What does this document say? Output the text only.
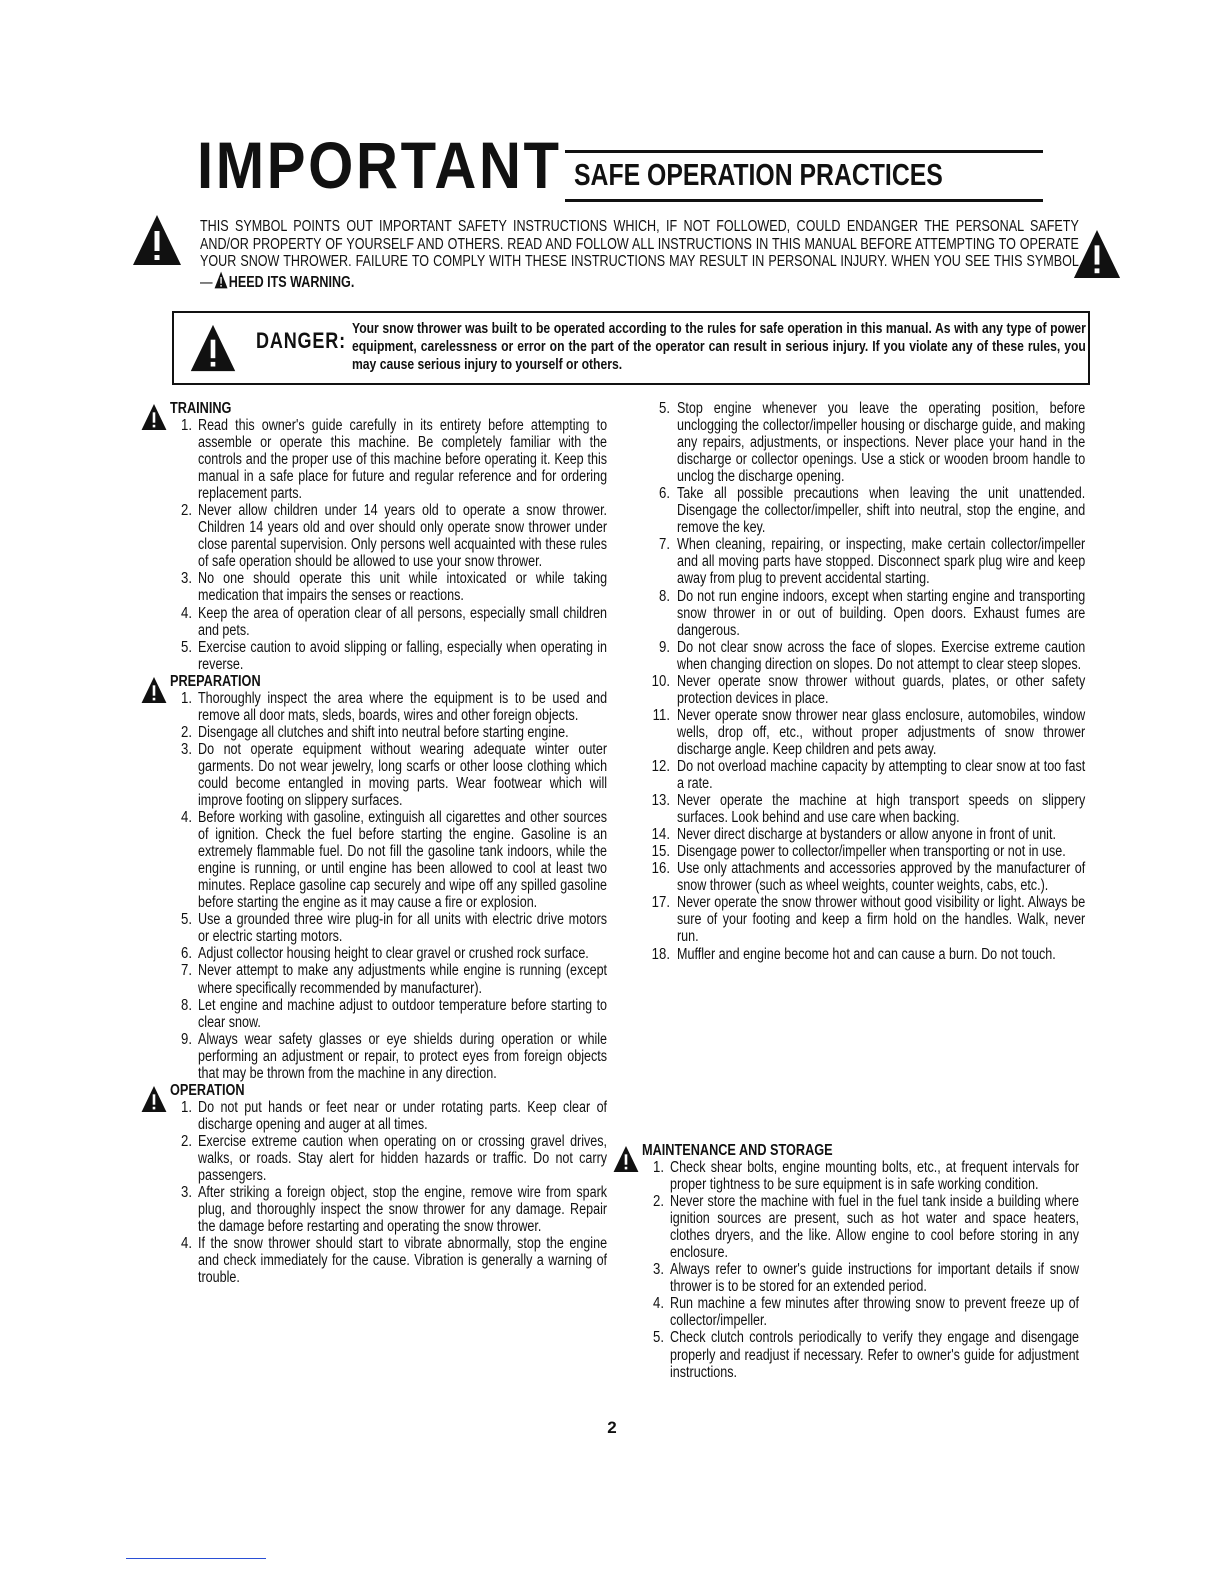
IMPORTANT SAFE OPERATION PRACTICES
THIS SYMBOL POINTS OUT IMPORTANT SAFETY INSTRUCTIONS WHICH, IF NOT FOLLOWED, COULD ENDANGER THE PERSONAL SAFETY AND/OR PROPERTY OF YOURSELF AND OTHERS. READ AND FOLLOW ALL INSTRUCTIONS IN THIS MANUAL BEFORE ATTEMPTING TO OPERATE YOUR SNOW THROWER. FAILURE TO COMPLY WITH THESE INSTRUCTIONS MAY RESULT IN PERSONAL INJURY. WHEN YOU SEE THIS SYMBOL— HEED ITS WARNING.
DANGER: Your snow thrower was built to be operated according to the rules for safe operation in this manual. As with any type of power equipment, carelessness or error on the part of the operator can result in serious injury. If you violate any of these rules, you may cause serious injury to yourself or others.
TRAINING
1. Read this owner's guide carefully in its entirety before attempting to assemble or operate this machine. Be completely familiar with the controls and the proper use of this machine before operating it. Keep this manual in a safe place for future and regular reference and for ordering replacement parts.
2. Never allow children under 14 years old to operate a snow thrower. Children 14 years old and over should only operate snow thrower under close parental supervision. Only persons well acquainted with these rules of safe operation should be allowed to use your snow thrower.
3. No one should operate this unit while intoxicated or while taking medication that impairs the senses or reactions.
4. Keep the area of operation clear of all persons, especially small children and pets.
5. Exercise caution to avoid slipping or falling, especially when operating in reverse.
PREPARATION
1. Thoroughly inspect the area where the equipment is to be used and remove all door mats, sleds, boards, wires and other foreign objects.
2. Disengage all clutches and shift into neutral before starting engine.
3. Do not operate equipment without wearing adequate winter outer garments. Do not wear jewelry, long scarfs or other loose clothing which could become entangled in moving parts. Wear footwear which will improve footing on slippery surfaces.
4. Before working with gasoline, extinguish all cigarettes and other sources of ignition. Check the fuel before starting the engine. Gasoline is an extremely flammable fuel. Do not fill the gasoline tank indoors, while the engine is running, or until engine has been allowed to cool at least two minutes. Replace gasoline cap securely and wipe off any spilled gasoline before starting the engine as it may cause a fire or explosion.
5. Use a grounded three wire plug-in for all units with electric drive motors or electric starting motors.
6. Adjust collector housing height to clear gravel or crushed rock surface.
7. Never attempt to make any adjustments while engine is running (except where specifically recommended by manufacturer).
8. Let engine and machine adjust to outdoor temperature before starting to clear snow.
9. Always wear safety glasses or eye shields during operation or while performing an adjustment or repair, to protect eyes from foreign objects that may be thrown from the machine in any direction.
OPERATION
1. Do not put hands or feet near or under rotating parts. Keep clear of discharge opening and auger at all times.
2. Exercise extreme caution when operating on or crossing gravel drives, walks, or roads. Stay alert for hidden hazards or traffic. Do not carry passengers.
3. After striking a foreign object, stop the engine, remove wire from spark plug, and thoroughly inspect the snow thrower for any damage. Repair the damage before restarting and operating the snow thrower.
4. If the snow thrower should start to vibrate abnormally, stop the engine and check immediately for the cause. Vibration is generally a warning of trouble.
5. Stop engine whenever you leave the operating position, before unclogging the collector/impeller housing or discharge guide, and making any repairs, adjustments, or inspections. Never place your hand in the discharge or collector openings. Use a stick or wooden broom handle to unclog the discharge opening.
6. Take all possible precautions when leaving the unit unattended. Disengage the collector/impeller, shift into neutral, stop the engine, and remove the key.
7. When cleaning, repairing, or inspecting, make certain collector/impeller and all moving parts have stopped. Disconnect spark plug wire and keep away from plug to prevent accidental starting.
8. Do not run engine indoors, except when starting engine and transporting snow thrower in or out of building. Open doors. Exhaust fumes are dangerous.
9. Do not clear snow across the face of slopes. Exercise extreme caution when changing direction on slopes. Do not attempt to clear steep slopes.
10. Never operate snow thrower without guards, plates, or other safety protection devices in place.
11. Never operate snow thrower near glass enclosure, automobiles, window wells, drop off, etc., without proper adjustments of snow thrower discharge angle. Keep children and pets away.
12. Do not overload machine capacity by attempting to clear snow at too fast a rate.
13. Never operate the machine at high transport speeds on slippery surfaces. Look behind and use care when backing.
14. Never direct discharge at bystanders or allow anyone in front of unit.
15. Disengage power to collector/impeller when transporting or not in use.
16. Use only attachments and accessories approved by the manufacturer of snow thrower (such as wheel weights, counter weights, cabs, etc.).
17. Never operate the snow thrower without good visibility or light. Always be sure of your footing and keep a firm hold on the handles. Walk, never run.
18. Muffler and engine become hot and can cause a burn. Do not touch.
MAINTENANCE AND STORAGE
1. Check shear bolts, engine mounting bolts, etc., at frequent intervals for proper tightness to be sure equipment is in safe working condition.
2. Never store the machine with fuel in the fuel tank inside a building where ignition sources are present, such as hot water and space heaters, clothes dryers, and the like. Allow engine to cool before storing in any enclosure.
3. Always refer to owner's guide instructions for important details if snow thrower is to be stored for an extended period.
4. Run machine a few minutes after throwing snow to prevent freeze up of collector/impeller.
5. Check clutch controls periodically to verify they engage and disengage properly and readjust if necessary. Refer to owner's guide for adjustment instructions.
2
